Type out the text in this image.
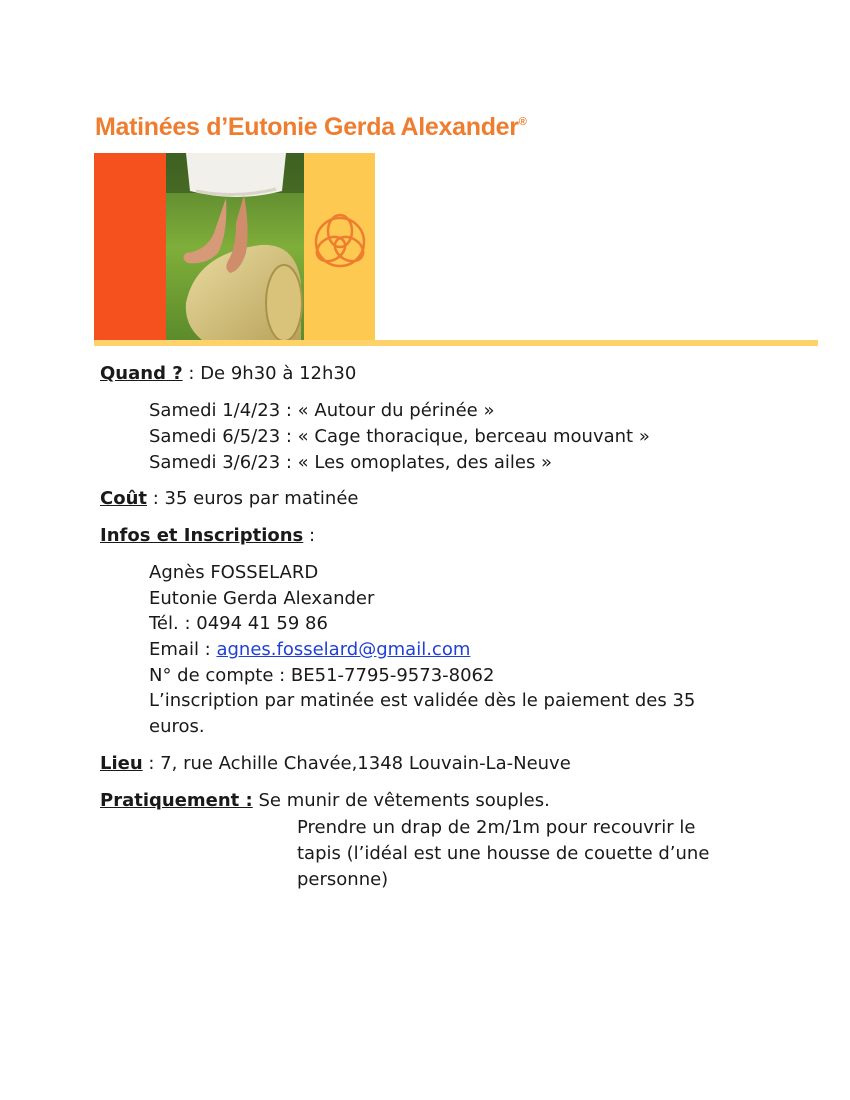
Matinées d’Eutonie Gerda Alexander®
Quand ? : De 9h30 à 12h30
Samedi 1/4/23 : « Autour du périnée »
Samedi 6/5/23 : « Cage thoracique, berceau mouvant »
Samedi 3/6/23 : « Les omoplates, des ailes »
Coût : 35 euros par matinée
Infos et Inscriptions :
Agnès FOSSELARD
Eutonie Gerda Alexander
Tél. : 0494 41 59 86
Email : agnes.fosselard@gmail.com
N° de compte : BE51-7795-9573-8062
L’inscription par matinée est validée dès le paiement des 35
euros.
Lieu : 7, rue Achille Chavée,1348 Louvain-La-Neuve
Pratiquement : Se munir de vêtements souples.
Prendre un drap de 2m/1m pour recouvrir le
tapis (l’idéal est une housse de couette d’une
personne)
